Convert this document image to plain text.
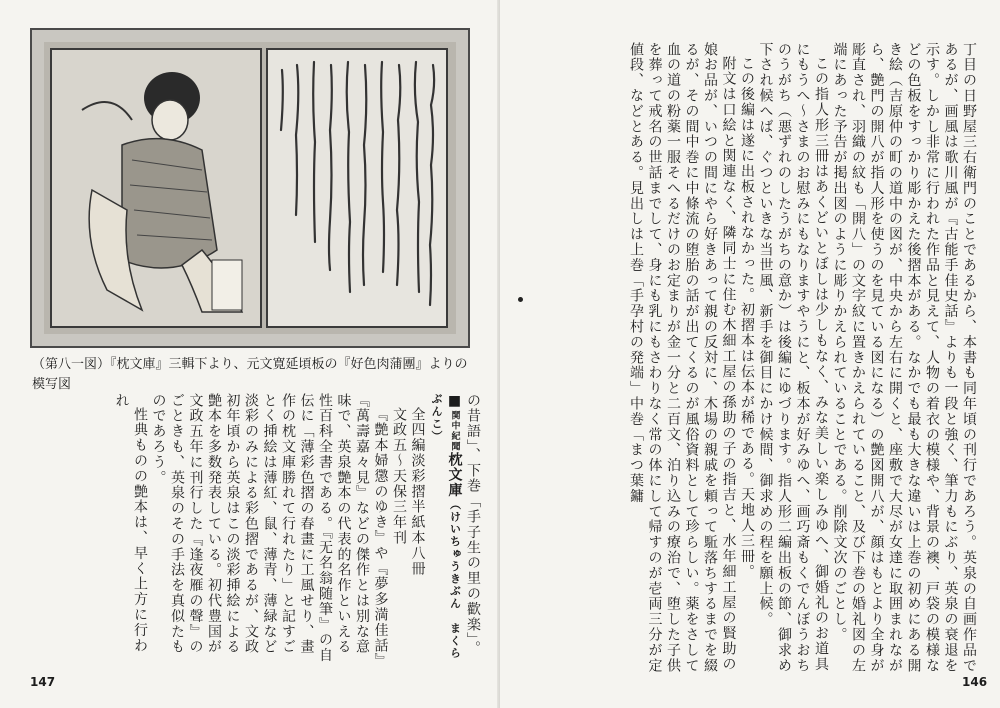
（第八一図）『枕文庫』三輯下より、元文寛延頃板の『好色肉蒲團』よりの模写図

の昔語」、下巻「手子生の里の歡楽」。

■関中紀聞枕文庫（けいちゅうきぶん　まくらぶんこ）

全四編淡彩摺半紙本八冊

文政五〜天保三年刊

『艶本婦懲のゆき』や『夢多満佳話』『萬壽嘉々見』などの傑作とは別な意味で、英泉艶本の代表的名作といえる性百科全書である。『无名翁随筆』の自伝に「薄彩色摺の春畫に工風せり、畫作の枕文庫勝れて行れたり」と記すごとく挿絵は薄紅、鼠、薄青、薄緑など淡彩のみによる彩色摺であるが、文政初年頃から英泉はこの淡彩挿絵による艶本を多数発表している。初代豊国が文政五年に刊行した『逢夜雁の聲』のごときも、英泉のその手法を真似たものであろう。

性典ものの艶本は、早く上方に行われ

147

丁目の日野屋三右衛門のことであるから、本書も同年頃の刊行であろう。英泉の自画作品であるが、画風は歌川風が『古能手佳史話』よりも一段と強く、筆力もにぶり、英泉の衰退を示す。しかし非常に行われた作品と見えて、人物の着衣の模様や、背景の襖、戸袋の模様などの色板をすっかり彫かえた後摺本がある。なかでも最も大きな違いは上巻の初めにある開き絵（吉原仲の町の道中の図が、中央から左右に開くと、座敷で大尽が女達に取囲まれながら、艶門の開八が指人形を使うのを見ている図になる）の艶図開八が、顔はもとより全身が彫直され、羽織の紋も「開八」の文字紋に置きかえられていること、及び下巻の婚礼図の左端にあった予告が掲出図のように彫りかえられていることである。削除文次のごとし。

この指人形三冊はあくどいとぼしは少しもなく、みな美しい楽しみゆへ、御婚礼のお道具にもうへ〜さまのお慰みにもなりますやうにと、板本が好みゆへ、画巧斎もくでんぼうおちのうがち（悪ずれのしたうがちの意か）は後編にゆづります。指人形二編出板の節、御求め下され候へば、ぐつといきな当世風、新手を御目にかけ候間、御求めの程を願上候。

この後編は遂に出板されなかった。初摺本は伝本が稀である。天地人三冊。

附文は口絵と関連なく、隣同士に住む木細工屋の孫助の子の指吉と、水年細工屋の賢助の娘お品が、いつの間にやら好きあって親の反対に、木場の親戚を頼って駈落ちするまでを綴るが、その間中巻に中條流の堕胎の話が出てくるのが風俗資料として珍らしい。薬をさして血の道の粉薬一服そへるだけのお定まりが金一分と二百文、泊り込みの療治で、堕した子供を葬って戒名の世話までして、身にも乳にもさわりなく常の体にして帰すのが壱両三分が定値段、などとある。見出しは上巻「手孕村の発端」中巻「まつ葉鏞

146
